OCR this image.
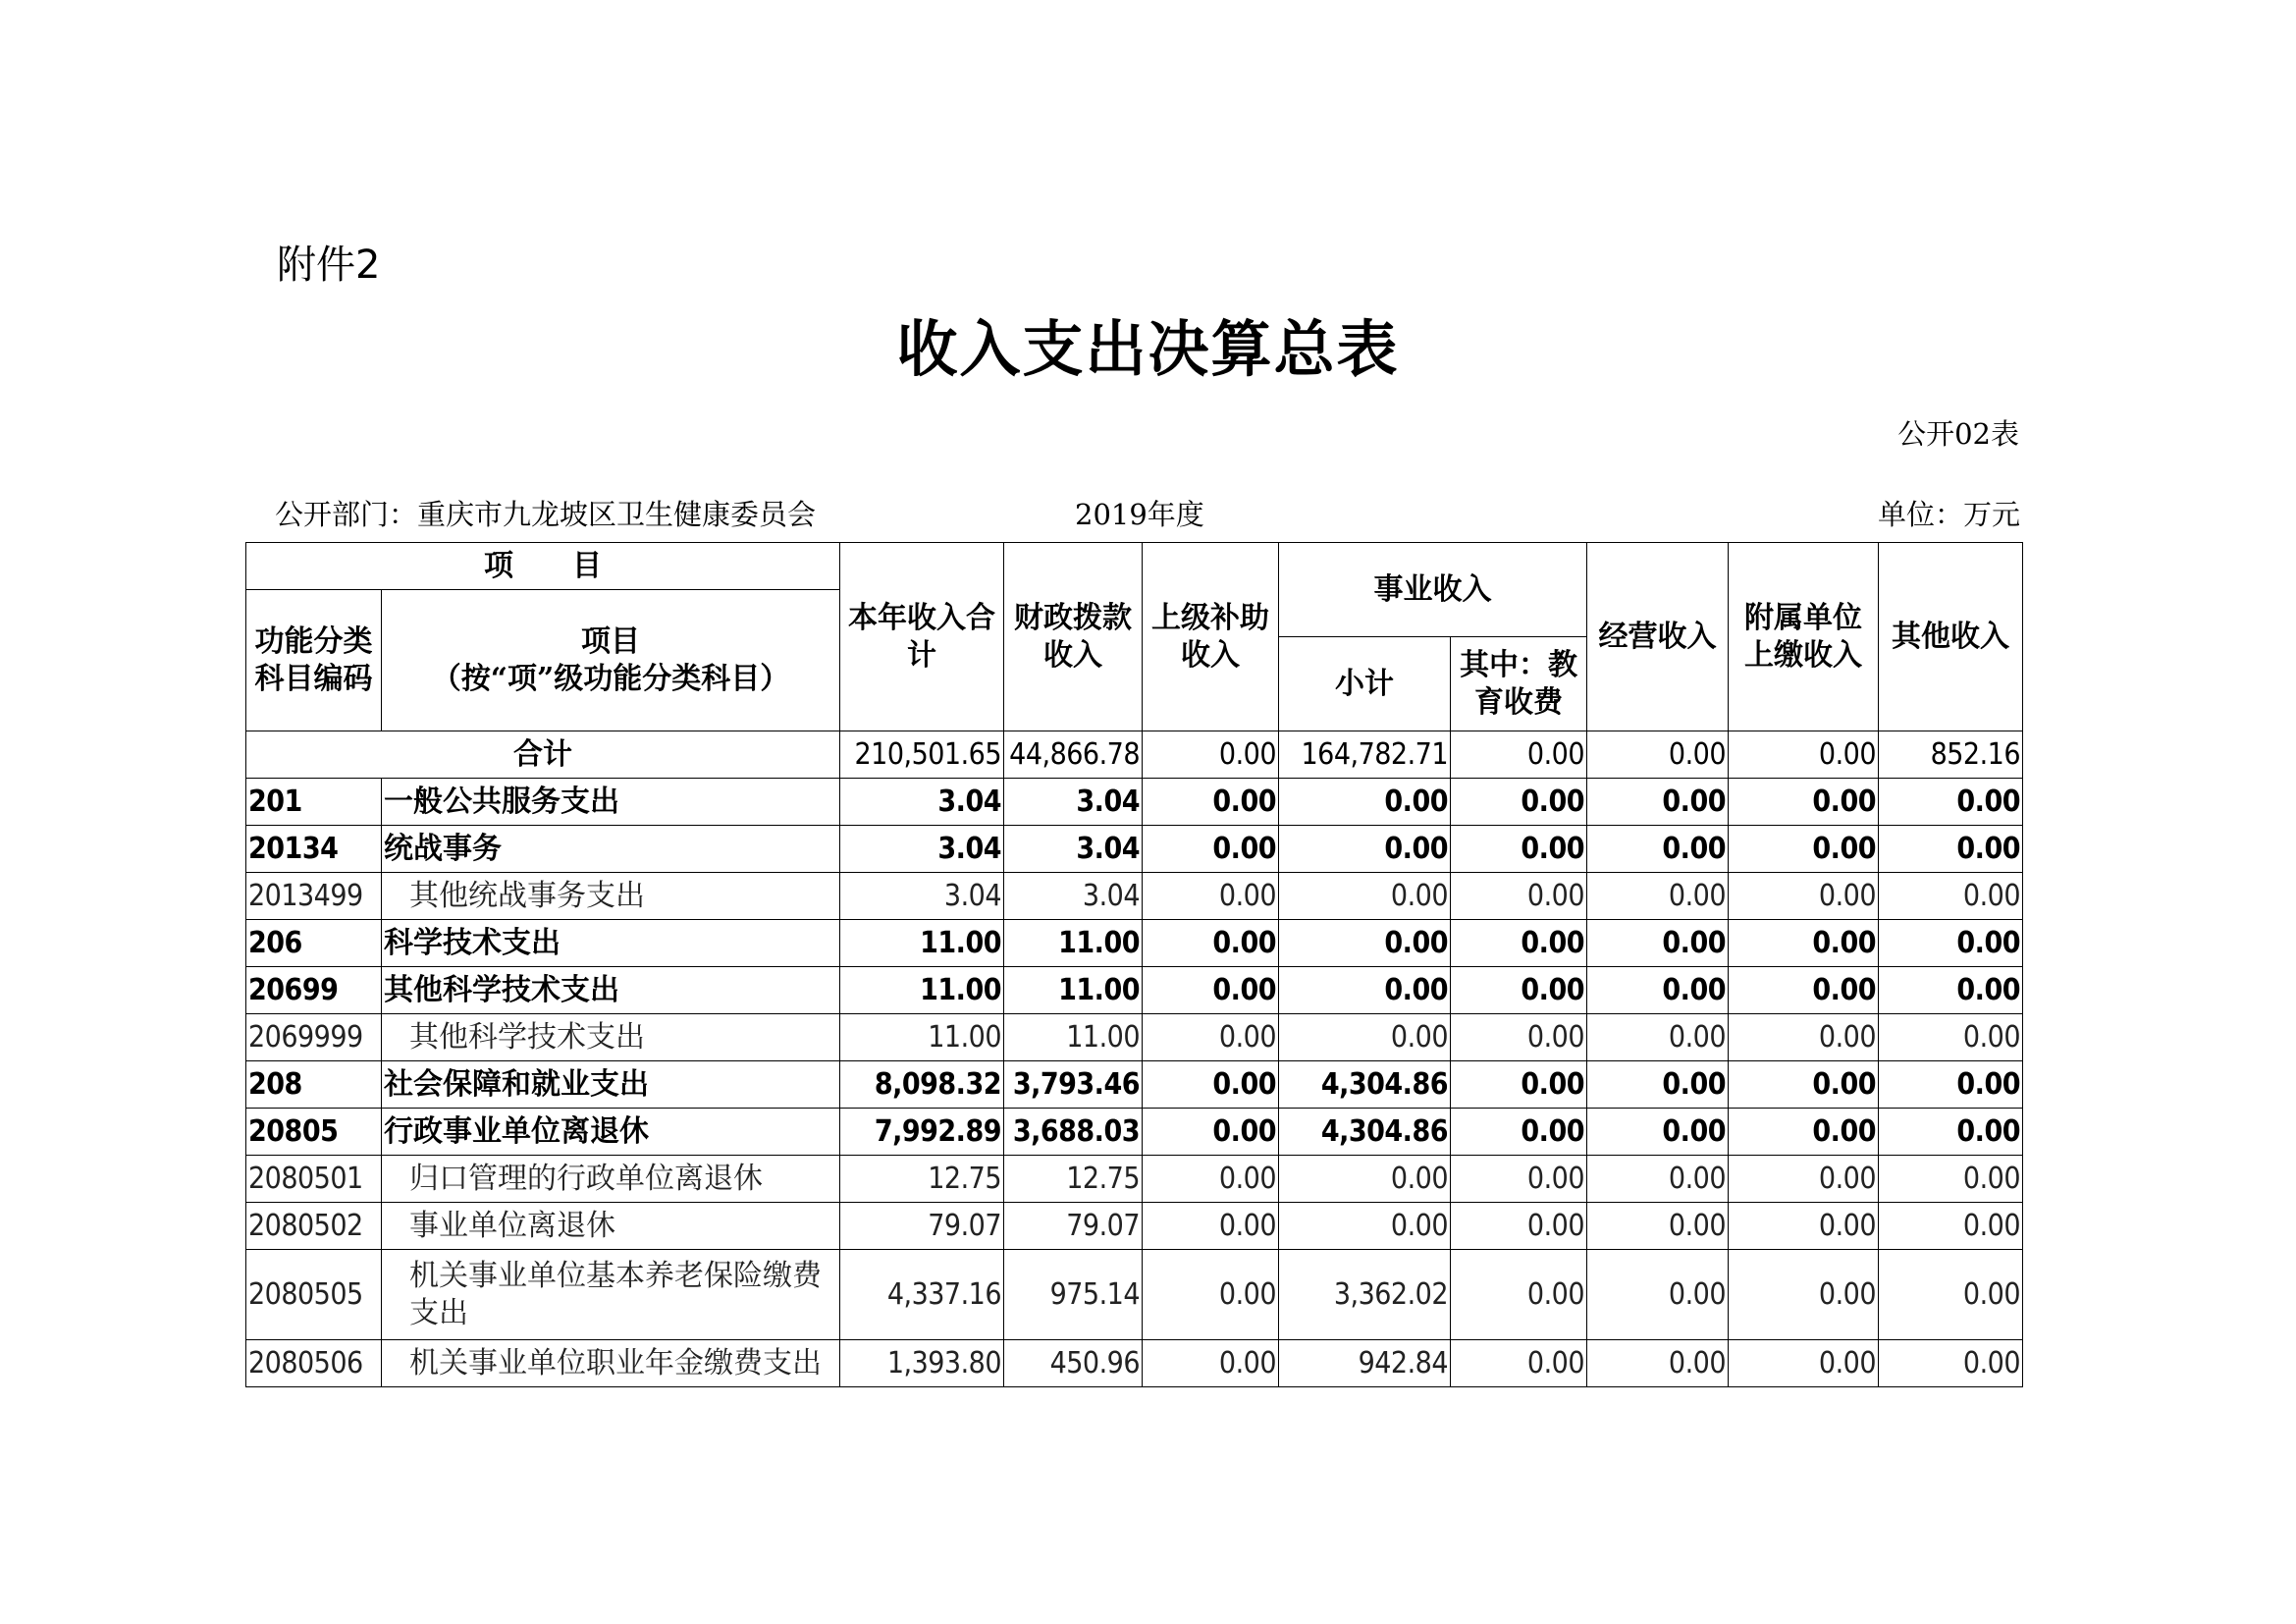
附件2
收入支出决算总表
公开02表
公开部门：重庆市九龙坡区卫生健康委员会	2019年度	单位：万元
项　　目		本年收入合计	财政拨款收入	上级补助收入	事业收入		经营收入	附属单位上缴收入	其他收入
功能分类科目编码	项目
（按“项”级功能分类科目）								
					小计	其中：教育收费			
合计		210,501.65	44,866.78	0.00	164,782.71	0.00	0.00	0.00	852.16
201	一般公共服务支出	3.04	3.04	0.00	0.00	0.00	0.00	0.00	0.00
20134	统战事务	3.04	3.04	0.00	0.00	0.00	0.00	0.00	0.00
2013499	其他统战事务支出	3.04	3.04	0.00	0.00	0.00	0.00	0.00	0.00
206	科学技术支出	11.00	11.00	0.00	0.00	0.00	0.00	0.00	0.00
20699	其他科学技术支出	11.00	11.00	0.00	0.00	0.00	0.00	0.00	0.00
2069999	其他科学技术支出	11.00	11.00	0.00	0.00	0.00	0.00	0.00	0.00
208	社会保障和就业支出	8,098.32	3,793.46	0.00	4,304.86	0.00	0.00	0.00	0.00
20805	行政事业单位离退休	7,992.89	3,688.03	0.00	4,304.86	0.00	0.00	0.00	0.00
2080501	归口管理的行政单位离退休	12.75	12.75	0.00	0.00	0.00	0.00	0.00	0.00
2080502	事业单位离退休	79.07	79.07	0.00	0.00	0.00	0.00	0.00	0.00
2080505	机关事业单位基本养老保险缴费支出	4,337.16	975.14	0.00	3,362.02	0.00	0.00	0.00	0.00
2080506	机关事业单位职业年金缴费支出	1,393.80	450.96	0.00	942.84	0.00	0.00	0.00	0.00
